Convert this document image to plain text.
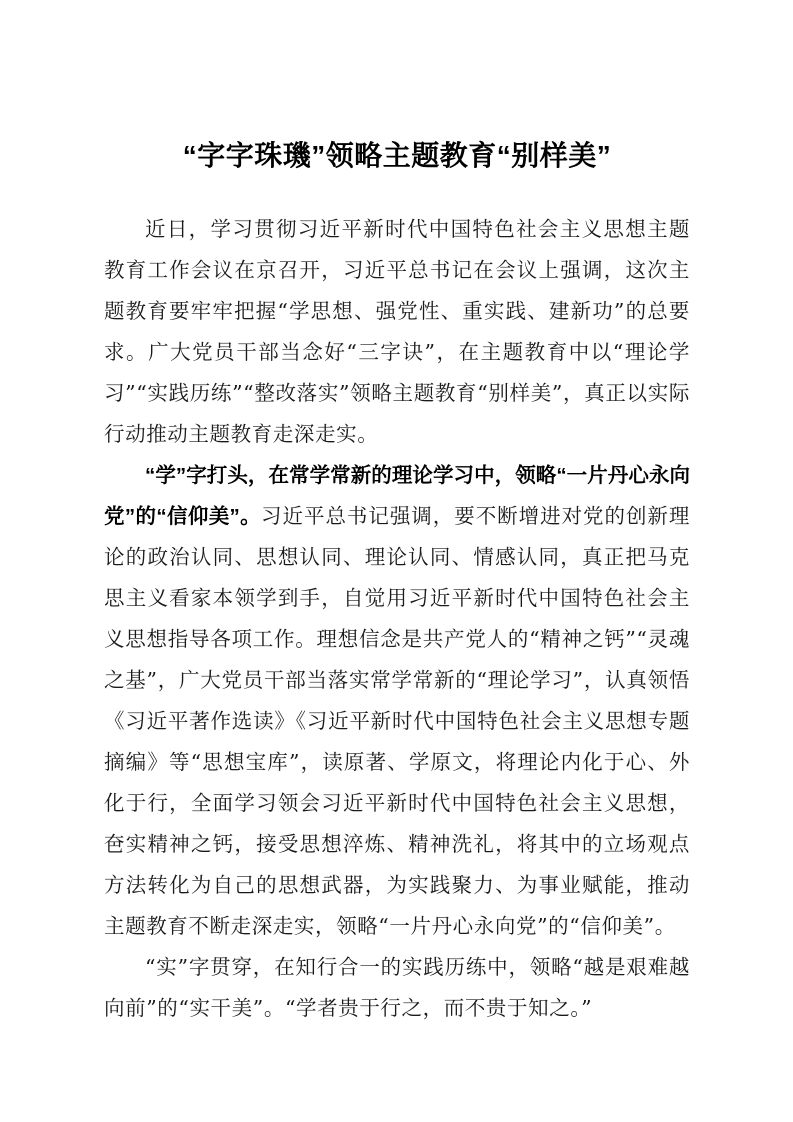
“字字珠璣”领略主题教育“别样美”

近日，学习贯彻习近平新时代中国特色社会主义思想主题教育工作会议在京召开，习近平总书记在会议上强调，这次主题教育要牢牢把握“学思想、强党性、重实践、建新功”的总要求。广大党员干部当念好“三字诀”，在主题教育中以“理论学习”“实践历练”“整改落实”领略主题教育“别样美”，真正以实际行动推动主题教育走深走实。

“学”字打头，在常学常新的理论学习中，领略“一片丹心永向党”的“信仰美”。习近平总书记强调，要不断增进对党的创新理论的政治认同、思想认同、理论认同、情感认同，真正把马克思主义看家本领学到手，自觉用习近平新时代中国特色社会主义思想指导各项工作。理想信念是共产党人的“精神之钙”“灵魂之基”，广大党员干部当落实常学常新的“理论学习”，认真领悟《习近平著作选读》《习近平新时代中国特色社会主义思想专题摘编》等“思想宝库”，读原著、学原文，将理论内化于心、外化于行，全面学习领会习近平新时代中国特色社会主义思想，夿实精神之钙，接受思想淬炼、精神洗礼，将其中的立场观点方法转化为自己的思想武器，为实践聚力、为事业赋能，推动主题教育不断走深走实，领略“一片丹心永向党”的“信仰美”。

“实”字贯穿，在知行合一的实践历练中，领略“越是艰难越向前”的“实干美”。“学者贵于行之，而不贵于知之。”
